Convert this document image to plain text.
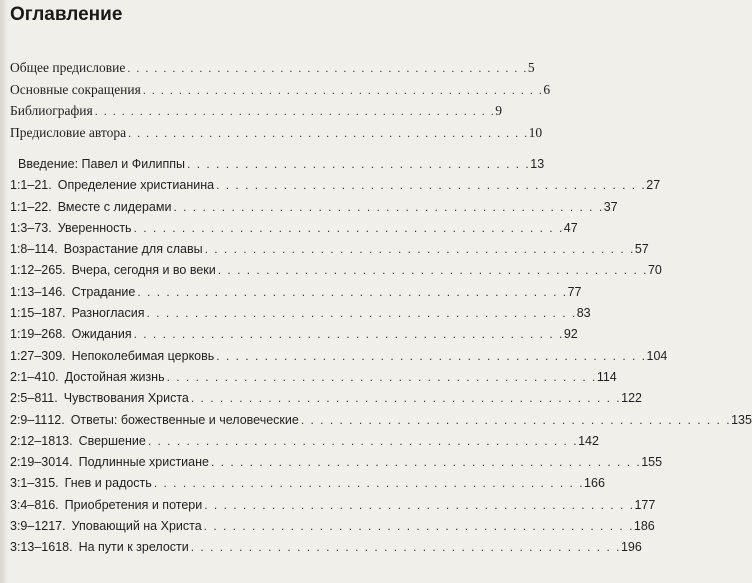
Оглавление
Общее предисловие . . . . . . . . . . . . . . . . . . . . . . . . . . . . . . . . . . . . . . . . . . . . . 5
Основные сокращения . . . . . . . . . . . . . . . . . . . . . . . . . . . . . . . . . . . . . . . . . . . . . 6
Библиография . . . . . . . . . . . . . . . . . . . . . . . . . . . . . . . . . . . . . . . . . . . . . 9
Предисловие автора . . . . . . . . . . . . . . . . . . . . . . . . . . . . . . . . . . . . . . . . . . . . . 10
Введение: Павел и Филиппы . . . . . . . . . . . . . . . . . . . . . . . . . . . . . . . . . . . . 13
1:1–2 1. Определение христианина . . . . . . . . . . . . . . . . . . . . . . . . . . . . . . . . . . . . . . . . . . . . . 27
1:1–2 2. Вместе с лидерами . . . . . . . . . . . . . . . . . . . . . . . . . . . . . . . . . . . . . . . . . . . . . 37
1:3–7 3. Уверенность . . . . . . . . . . . . . . . . . . . . . . . . . . . . . . . . . . . . . . . . . . . . . 47
1:8–11 4. Возрастание для славы . . . . . . . . . . . . . . . . . . . . . . . . . . . . . . . . . . . . . . . . . . . . . 57
1:12–26 5. Вчера, сегодня и во веки . . . . . . . . . . . . . . . . . . . . . . . . . . . . . . . . . . . . . . . . . . . . . 70
1:13–14 6. Страдание . . . . . . . . . . . . . . . . . . . . . . . . . . . . . . . . . . . . . . . . . . . . . 77
1:15–18 7. Разногласия . . . . . . . . . . . . . . . . . . . . . . . . . . . . . . . . . . . . . . . . . . . . . 83
1:19–26 8. Ожидания . . . . . . . . . . . . . . . . . . . . . . . . . . . . . . . . . . . . . . . . . . . . . 92
1:27–30 9. Непоколебимая церковь . . . . . . . . . . . . . . . . . . . . . . . . . . . . . . . . . . . . . . . . . . . . . 104
2:1–4 10. Достойная жизнь . . . . . . . . . . . . . . . . . . . . . . . . . . . . . . . . . . . . . . . . . . . . . 114
2:5–8 11. Чувствования Христа . . . . . . . . . . . . . . . . . . . . . . . . . . . . . . . . . . . . . . . . . . . . . 122
2:9–11 12. Ответы: божественные и человеческие . . . . . . . . . . . . . . . . . . . . . . . . . . . . . . . . . . . . . . . . . . . . . 135
2:12–18 13. Свершение . . . . . . . . . . . . . . . . . . . . . . . . . . . . . . . . . . . . . . . . . . . . . 142
2:19–30 14. Подлинные христиане . . . . . . . . . . . . . . . . . . . . . . . . . . . . . . . . . . . . . . . . . . . . . 155
3:1–3 15. Гнев и радость . . . . . . . . . . . . . . . . . . . . . . . . . . . . . . . . . . . . . . . . . . . . . 166
3:4–8 16. Приобретения и потери . . . . . . . . . . . . . . . . . . . . . . . . . . . . . . . . . . . . . . . . . . . . . 177
3:9–12 17. Уповающий на Христа . . . . . . . . . . . . . . . . . . . . . . . . . . . . . . . . . . . . . . . . . . . . . 186
3:13–16 18. На пути к зрелости . . . . . . . . . . . . . . . . . . . . . . . . . . . . . . . . . . . . . . . . . . . . . 196
